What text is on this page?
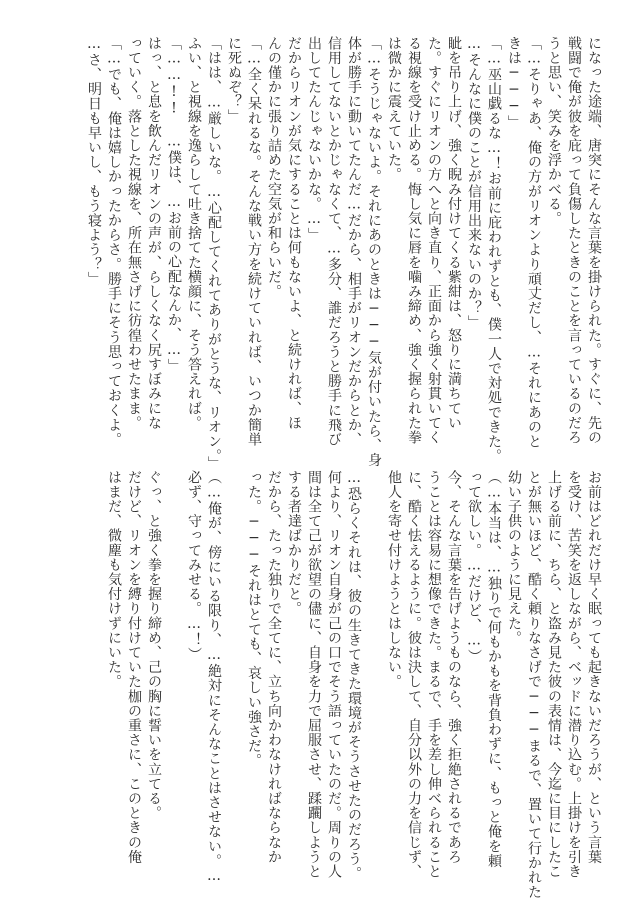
になった途端、唐突にそんな言葉を掛けられた。すぐに、先の
戦闘で俺が彼を庇って負傷したときのことを言っているのだろ
うと思い、笑みを浮かべる。
「…そりゃあ、俺の方がリオンより頑丈だし、…それにあのと
きは───」
「…巫山戯るな…！お前に庇われずとも、僕一人で対処できた。
…そんなに僕のことが信用出来ないのか？」
眦を吊り上げ、強く睨み付けてくる紫紺は、怒りに満ちてい
た。すぐにリオンの方へと向き直り、正面から強く射貫いてく
る視線を受け止める。悔し気に唇を噛み締め、強く握られた拳
は微かに震えていた。
「…そうじゃないよ。それにあのときは───気が付いたら、身
体が勝手に動いてたんだ…だから、相手がリオンだからとか、
信用してないとかじゃなくて、…多分、誰だろうと勝手に飛び
出してたんじゃないかな。…」
だからリオンが気にすることは何もないよ、と続ければ、ほ
んの僅かに張り詰めた空気が和らいだ。
「…全く呆れるな。そんな戦い方を続けていれば、いつか簡単
に死ぬぞ？」
「はは、…厳しいな。…心配してくれてありがとうな、リオン。」
ふい、と視線を逸らして吐き捨てた横顔に、そう答えれば。
「……!! …僕は、…お前の心配なんか、…」
はっ、と息を飲んだリオンの声が、らしくなく尻すぼみにな
っていく。落とした視線を、所在無さげに彷徨わせたまま。
「…でも、俺は嬉しかったからさ。勝手にそう思っておくよ。
…さ、明日も早いし、もう寝よう？」
お前はどれだけ早く眠っても起きないだろうが、という言葉
を受け、苦笑を返しながら、ベッドに潜り込む。上掛けを引き
上げる前に、ちら、と盗み見た彼の表情は、今迄に目にしたこ
とが無いほど、酷く頼りなさげで───まるで、置いて行かれた
幼い子供のように見えた。
（…本当は、…独りで何もかもを背負わずに、もっと俺を頼
って欲しい。…だけど、…）
今、そんな言葉を告げようものなら、強く拒絶されるであろ
うことは容易に想像できた。まるで、手を差し伸べられること
に、酷く怯えるように。彼は決して、自分以外の力を信じず、
他人を寄せ付けようとはしない。

…恐らくそれは、彼の生きてきた環境がそうさせたのだろう。
何より、リオン自身が己の口でそう語っていたのだ。周りの人
間は全て己が欲望の儘に、自身を力で屈服させ、蹂躙しようと
する者達ばかりだと。
だから、たった独りで全てに、立ち向かわなければならなか
った。───それはとても、哀しい強さだ。

（…俺が、傍にいる限り、…絶対にそんなことはさせない。…
必ず、守ってみせる。…！）

ぐっ、と強く拳を握り締め、己の胸に誓いを立てる。
だけど、リオンを縛り付けていた枷の重さに、このときの俺
はまだ、微塵も気付けずにいた。
